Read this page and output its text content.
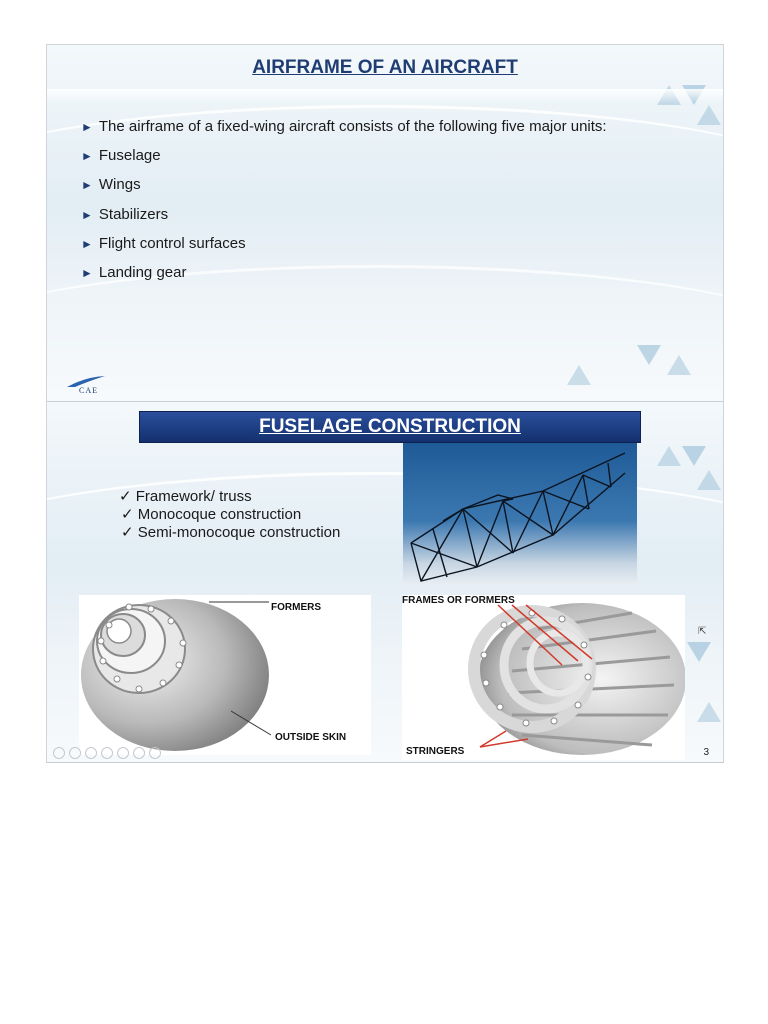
AIRFRAME OF AN AIRCRAFT
► The airframe of a fixed-wing aircraft consists of the following five major units:
► Fuselage
► Wings
► Stabilizers
► Flight control surfaces
► Landing gear
CAE
FUSELAGE CONSTRUCTION
✓ Framework/ truss
✓ Monocoque construction
✓ Semi-monocoque construction
FORMERS
OUTSIDE SKIN
FRAMES OR FORMERS
STRINGERS
⇱
3
